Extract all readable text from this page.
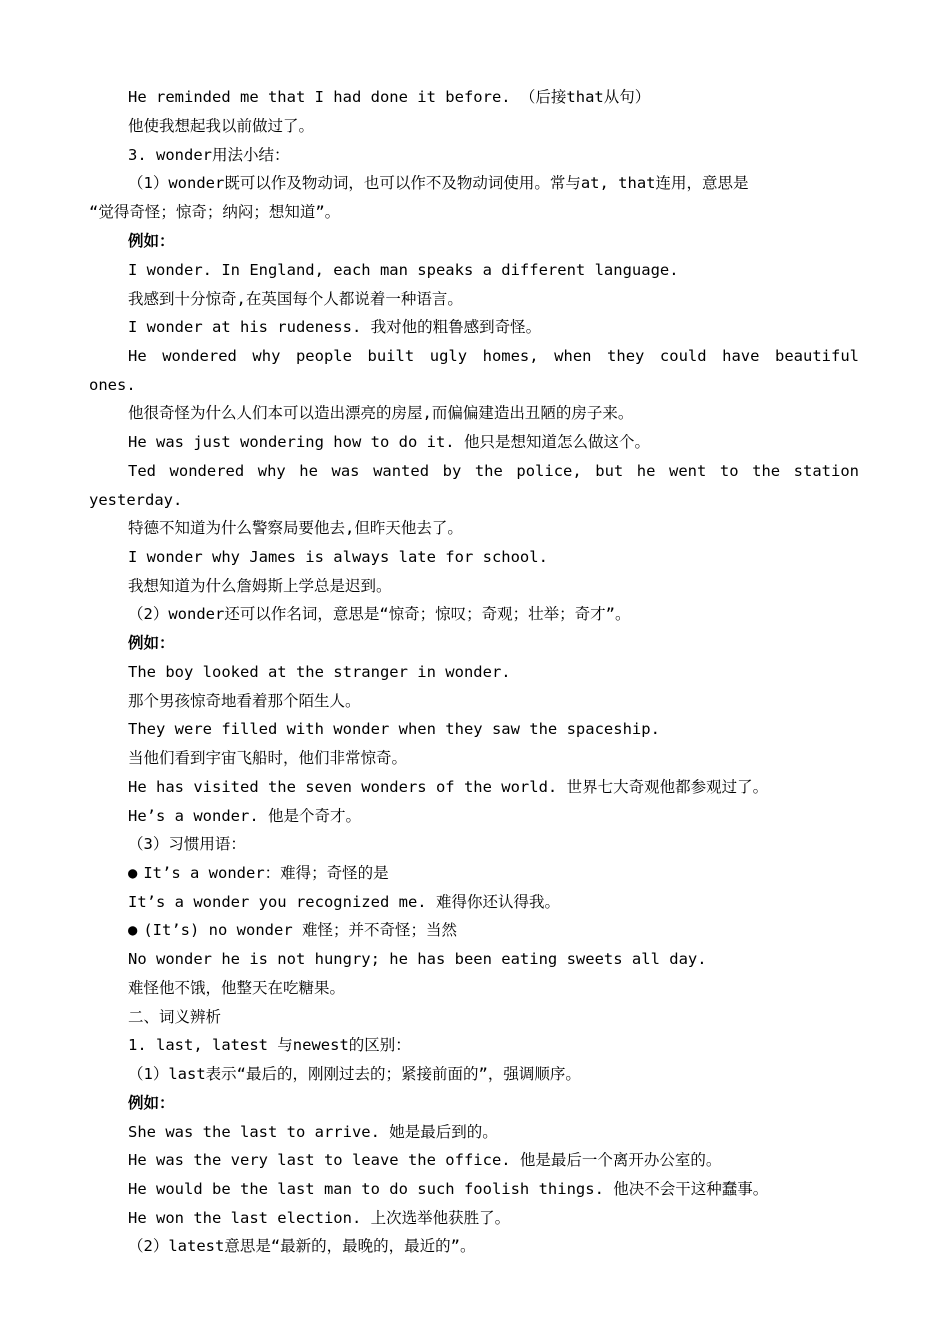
He reminded me that I had done it before. （后接that从句）
他使我想起我以前做过了。
3. wonder用法小结：
（1）wonder既可以作及物动词，也可以作不及物动词使用。常与at, that连用，意思是
“觉得奇怪；惊奇；纳闷；想知道”。
例如：
I wonder. In England, each man speaks a different language.
我感到十分惊奇,在英国每个人都说着一种语言。
I wonder at his rudeness. 我对他的粗鲁感到奇怪。
He wondered why people built ugly homes, when they could have beautiful
ones.
他很奇怪为什么人们本可以造出漂亮的房屋,而偏偏建造出丑陋的房子来。
He was just wondering how to do it. 他只是想知道怎么做这个。
Ted wondered why he was wanted by the police, but he went to the station
yesterday.
特德不知道为什么警察局要他去,但昨天他去了。
I wonder why James is always late for school.
我想知道为什么詹姆斯上学总是迟到。
（2）wonder还可以作名词，意思是“惊奇；惊叹；奇观；壮举；奇才”。
例如：
The boy looked at the stranger in wonder.
那个男孩惊奇地看着那个陌生人。
They were filled with wonder when they saw the spaceship.
当他们看到宇宙飞船时，他们非常惊奇。
He has visited the seven wonders of the world. 世界七大奇观他都参观过了。
He’s a wonder. 他是个奇才。
（3）习惯用语：
● It’s a wonder：难得；奇怪的是
It’s a wonder you recognized me. 难得你还认得我。
● (It’s) no wonder 难怪；并不奇怪；当然
No wonder he is not hungry; he has been eating sweets all day.
难怪他不饿，他整天在吃糖果。
二、词义辨析
1. last, latest 与newest的区别：
（1）last表示“最后的，刚刚过去的；紧接前面的”，强调顺序。
例如：
She was the last to arrive. 她是最后到的。
He was the very last to leave the office. 他是最后一个离开办公室的。
He would be the last man to do such foolish things. 他决不会干这种蠢事。
He won the last election. 上次选举他获胜了。
（2）latest意思是“最新的，最晚的，最近的”。
